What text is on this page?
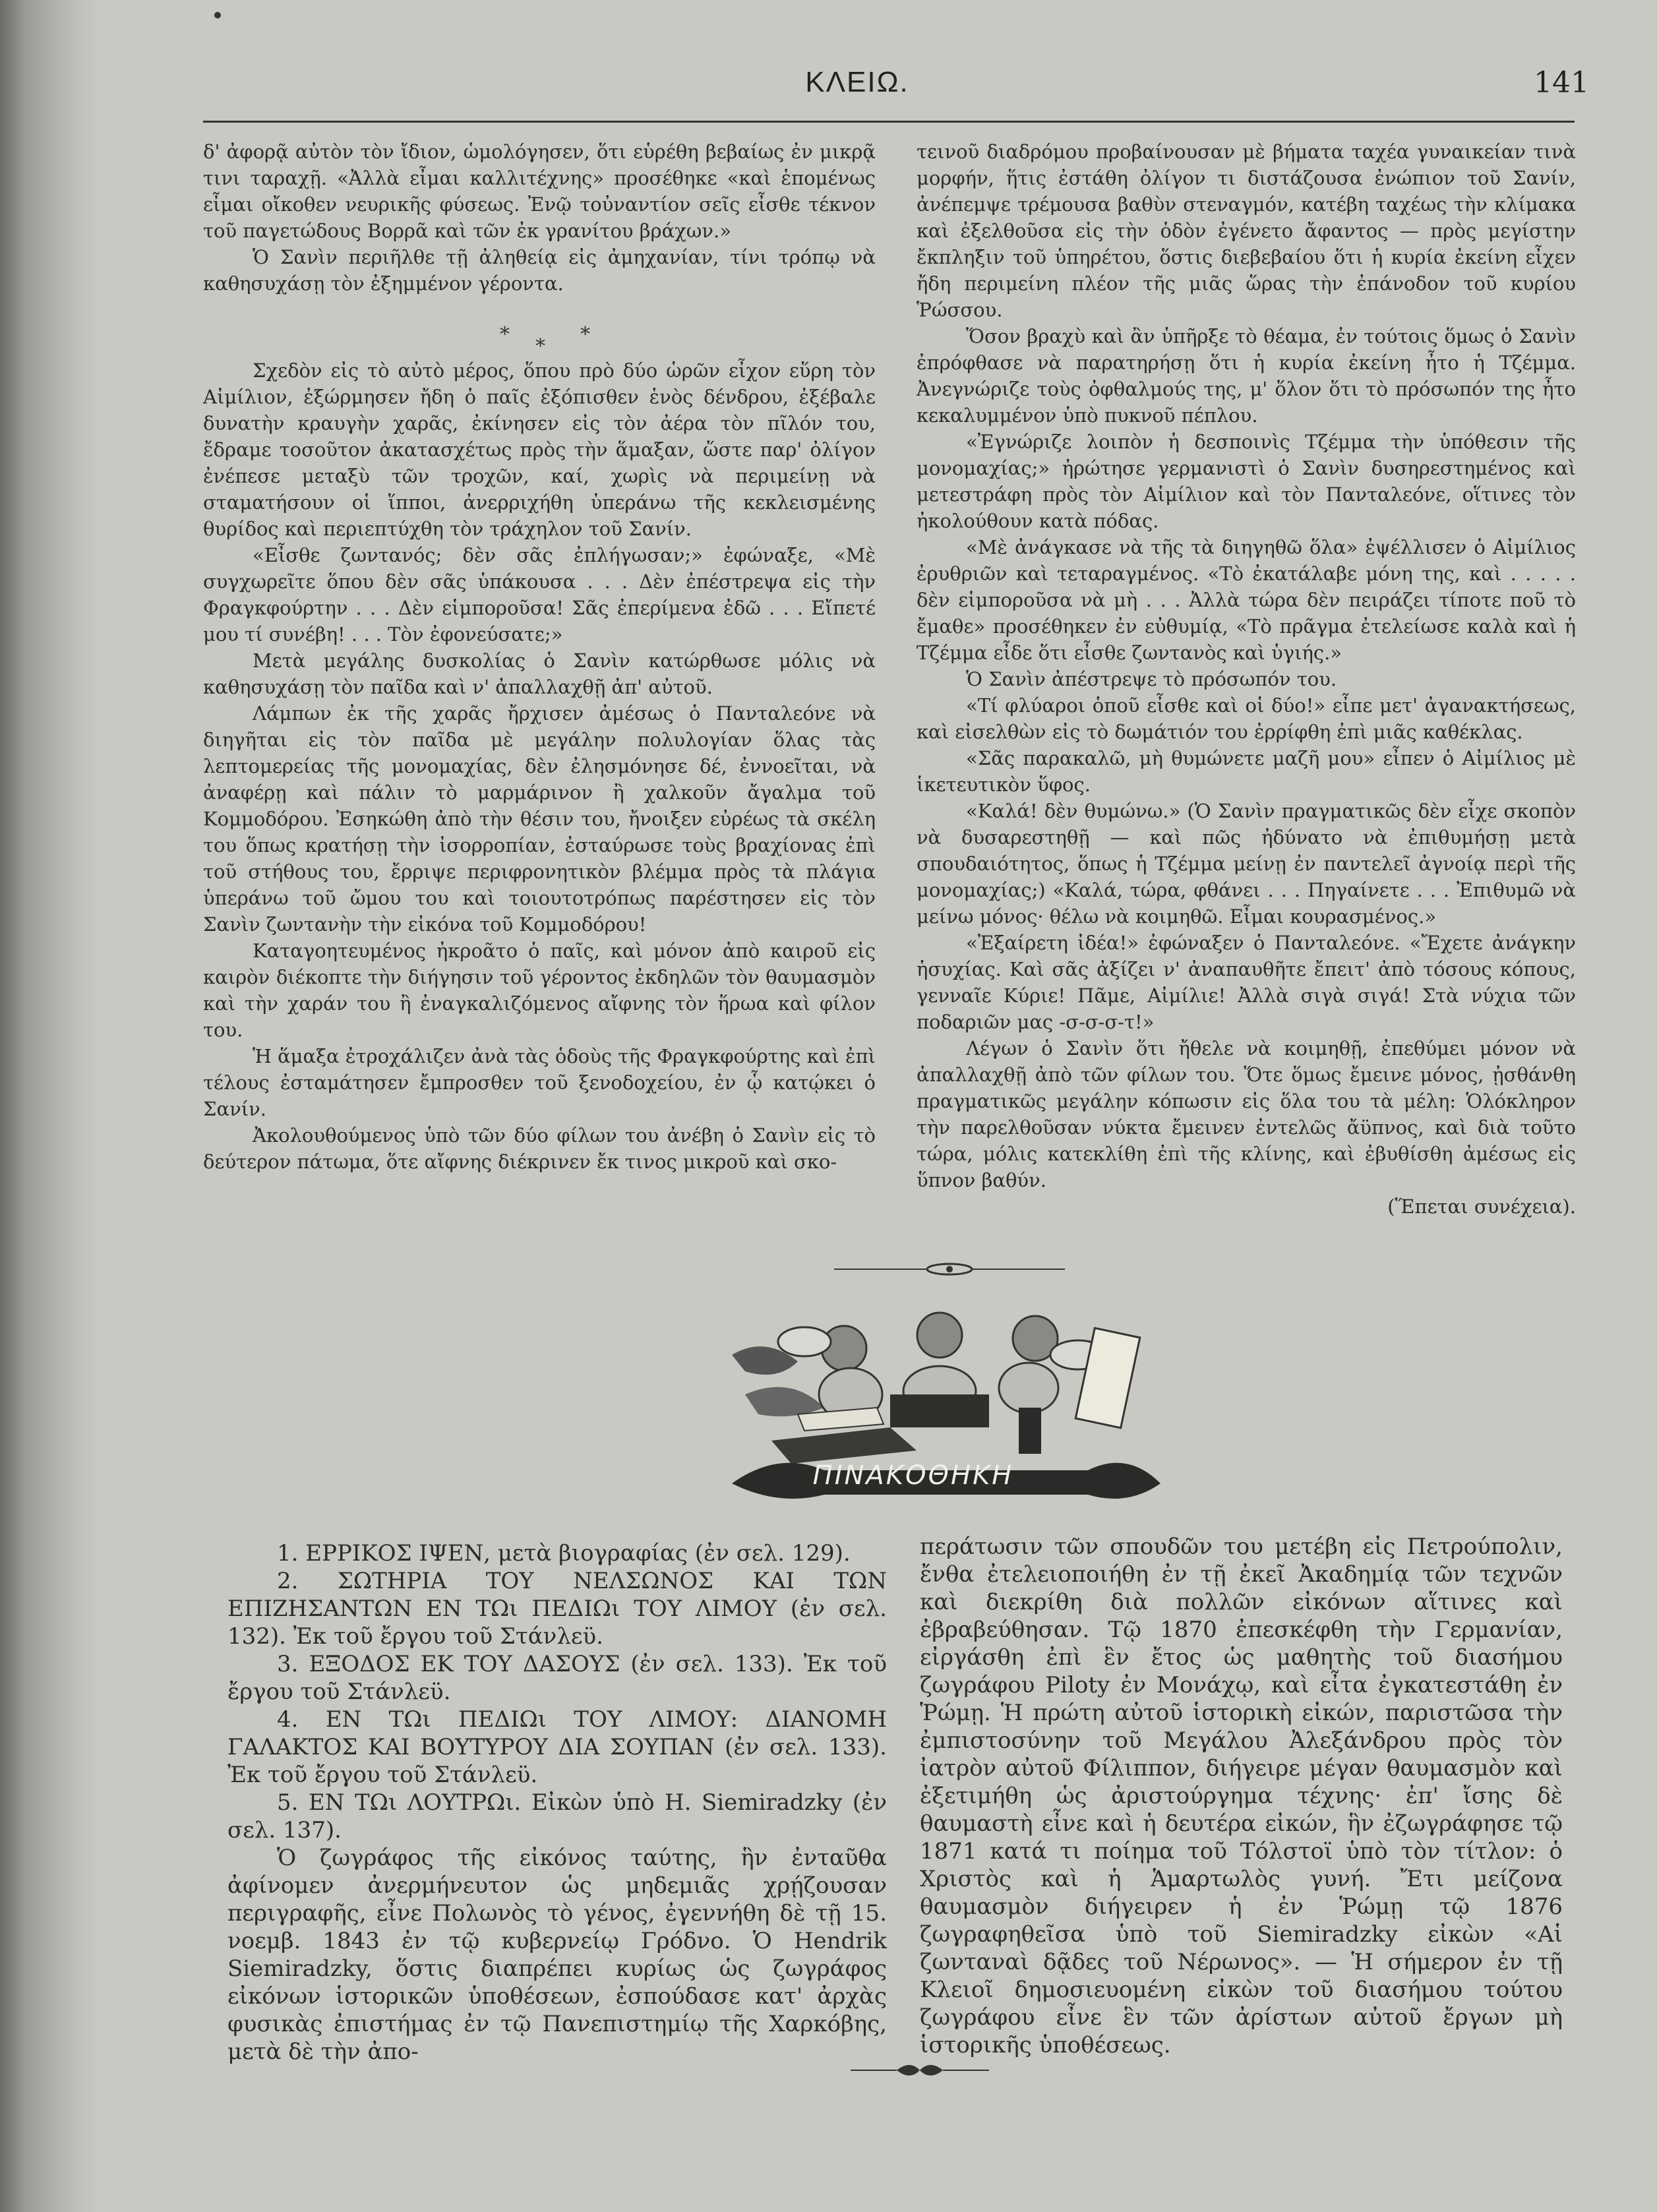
ΚΛΕΙΩ.	141

δ' ἀφορᾷ αὐτὸν τὸν ἴδιον, ὡμολόγησεν, ὅτι εὑρέθη βεβαίως ἐν μικρᾷ τινι ταραχῇ. «Ἀλλὰ εἶμαι καλλιτέχνης» προσέθηκε «καὶ ἑπομένως εἶμαι οἴκοθεν νευρικῆς φύσεως. Ἐνῷ τοὐναντίον σεῖς εἶσθε τέκνον τοῦ παγετώδους Βορρᾶ καὶ τῶν ἐκ γρανίτου βράχων.»

Ὁ Σανὶν περιῆλθε τῇ ἀληθείᾳ εἰς ἀμηχανίαν, τίνι τρόπῳ νὰ καθησυχάσῃ τὸν ἐξημμένον γέροντα.

Σχεδὸν εἰς τὸ αὐτὸ μέρος, ὅπου πρὸ δύο ὡρῶν εἶχον εὕρη τὸν Αἰμίλιον, ἐξώρμησεν ἤδη ὁ παῖς ἐξόπισθεν ἑνὸς δένδρου, ἐξέβαλε δυνατὴν κραυγὴν χαρᾶς, ἐκίνησεν εἰς τὸν ἀέρα τὸν πῖλόν του, ἔδραμε τοσοῦτον ἀκατασχέτως πρὸς τὴν ἅμαξαν, ὥστε παρ' ὀλίγον ἐνέπεσε μεταξὺ τῶν τροχῶν, καί, χωρὶς νὰ περιμείνῃ νὰ σταματήσουν οἱ ἵπποι, ἀνερριχήθη ὑπεράνω τῆς κεκλεισμένης θυρίδος καὶ περιεπτύχθη τὸν τράχηλον τοῦ Σανίν.

«Εἶσθε ζωντανός; δὲν σᾶς ἐπλήγωσαν;» ἐφώναξε, «Μὲ συγχωρεῖτε ὅπου δὲν σᾶς ὑπάκουσα . . . Δὲν ἐπέστρεψα εἰς τὴν Φραγκφούρτην . . . Δὲν εἱμποροῦσα! Σᾶς ἐπερίμενα ἐδῶ . . . Εἴπετέ μου τί συνέβη! . . . Τὸν ἐφονεύσατε;»

Μετὰ μεγάλης δυσκολίας ὁ Σανὶν κατώρθωσε μόλις νὰ καθησυχάσῃ τὸν παῖδα καὶ ν' ἀπαλλαχθῇ ἀπ' αὐτοῦ.

Λάμπων ἐκ τῆς χαρᾶς ἤρχισεν ἀμέσως ὁ Πανταλεόνε νὰ διηγῆται εἰς τὸν παῖδα μὲ μεγάλην πολυλογίαν ὅλας τὰς λεπτομερείας τῆς μονομαχίας, δὲν ἐλησμόνησε δέ, ἐννοεῖται, νὰ ἀναφέρῃ καὶ πάλιν τὸ μαρμάρινον ἢ χαλκοῦν ἄγαλμα τοῦ Κομμοδόρου. Ἐσηκώθη ἀπὸ τὴν θέσιν του, ἤνοιξεν εὐρέως τὰ σκέλη του ὅπως κρατήσῃ τὴν ἰσορροπίαν, ἐσταύρωσε τοὺς βραχίονας ἐπὶ τοῦ στήθους του, ἔρριψε περιφρονητικὸν βλέμμα πρὸς τὰ πλάγια ὑπεράνω τοῦ ὤμου του καὶ τοιουτοτρόπως παρέστησεν εἰς τὸν Σανὶν ζωντανὴν τὴν εἰκόνα τοῦ Κομμοδόρου!

Καταγοητευμένος ἠκροᾶτο ὁ παῖς, καὶ μόνον ἀπὸ καιροῦ εἰς καιρὸν διέκοπτε τὴν διήγησιν τοῦ γέροντος ἐκδηλῶν τὸν θαυμασμὸν καὶ τὴν χαράν του ἢ ἐναγκαλιζόμενος αἴφνης τὸν ἥρωα καὶ φίλον του.

Ἡ ἅμαξα ἐτροχάλιζεν ἀνὰ τὰς ὁδοὺς τῆς Φραγκφούρτης καὶ ἐπὶ τέλους ἐσταμάτησεν ἔμπροσθεν τοῦ ξενοδοχείου, ἐν ᾧ κατῴκει ὁ Σανίν.

Ἀκολουθούμενος ὑπὸ τῶν δύο φίλων του ἀνέβη ὁ Σανὶν εἰς τὸ δεύτερον πάτωμα, ὅτε αἴφνης διέκρινεν ἔκ τινος μικροῦ καὶ σκο-

*
*
*

τεινοῦ διαδρόμου προβαίνουσαν μὲ βήματα ταχέα γυναικείαν τινὰ μορφήν, ἥτις ἐστάθη ὀλίγον τι διστάζουσα ἐνώπιον τοῦ Σανίν, ἀνέπεμψε τρέμουσα βαθὺν στεναγμόν, κατέβη ταχέως τὴν κλίμακα καὶ ἐξελθοῦσα εἰς τὴν ὁδὸν ἐγένετο ἄφαντος — πρὸς μεγίστην ἔκπληξιν τοῦ ὑπηρέτου, ὅστις διεβεβαίου ὅτι ἡ κυρία ἐκείνη εἶχεν ἤδη περιμείνη πλέον τῆς μιᾶς ὥρας τὴν ἐπάνοδον τοῦ κυρίου Ῥώσσου.

Ὅσον βραχὺ καὶ ἂν ὑπῆρξε τὸ θέαμα, ἐν τούτοις ὅμως ὁ Σανὶν ἐπρόφθασε νὰ παρατηρήσῃ ὅτι ἡ κυρία ἐκείνη ἦτο ἡ Τζέμμα. Ἀνεγνώριζε τοὺς ὀφθαλμούς της, μ' ὅλον ὅτι τὸ πρόσωπόν της ἦτο κεκαλυμμένον ὑπὸ πυκνοῦ πέπλου.

«Ἐγνώριζε λοιπὸν ἡ δεσποινὶς Τζέμμα τὴν ὑπόθεσιν τῆς μονομαχίας;» ἠρώτησε γερμανιστὶ ὁ Σανὶν δυσηρεστημένος καὶ μετεστράφη πρὸς τὸν Αἰμίλιον καὶ τὸν Πανταλεόνε, οἵτινες τὸν ἠκολούθουν κατὰ πόδας.

«Μὲ ἀνάγκασε νὰ τῆς τὰ διηγηθῶ ὅλα» ἐψέλλισεν ὁ Αἰμίλιος ἐρυθριῶν καὶ τεταραγμένος. «Τὸ ἐκατάλαβε μόνη της, καὶ . . . . . δὲν εἱμποροῦσα νὰ μὴ . . . Ἀλλὰ τώρα δὲν πειράζει τίποτε ποῦ τὸ ἔμαθε» προσέθηκεν ἐν εὐθυμίᾳ, «Τὸ πρᾶγμα ἐτελείωσε καλὰ καὶ ἡ Τζέμμα εἶδε ὅτι εἶσθε ζωντανὸς καὶ ὑγιής.»

Ὁ Σανὶν ἀπέστρεψε τὸ πρόσωπόν του.

«Τί φλύαροι ὁποῦ εἶσθε καὶ οἱ δύο!» εἶπε μετ' ἀγανακτήσεως, καὶ εἰσελθὼν εἰς τὸ δωμάτιόν του ἐρρίφθη ἐπὶ μιᾶς καθέκλας.

«Σᾶς παρακαλῶ, μὴ θυμώνετε μαζῆ μου» εἶπεν ὁ Αἰμίλιος μὲ ἱκετευτικὸν ὕφος.

«Καλά! δὲν θυμώνω.» (Ὁ Σανὶν πραγματικῶς δὲν εἶχε σκοπὸν νὰ δυσαρεστηθῇ — καὶ πῶς ἠδύνατο νὰ ἐπιθυμήσῃ μετὰ σπουδαιότητος, ὅπως ἡ Τζέμμα μείνῃ ἐν παντελεῖ ἀγνοίᾳ περὶ τῆς μονομαχίας;) «Καλά, τώρα, φθάνει . . . Πηγαίνετε . . . Ἐπιθυμῶ νὰ μείνω μόνος· θέλω νὰ κοιμηθῶ. Εἶμαι κουρασμένος.»

«Ἐξαίρετη ἰδέα!» ἐφώναξεν ὁ Πανταλεόνε. «Ἔχετε ἀνάγκην ἡσυχίας. Καὶ σᾶς ἀξίζει ν' ἀναπαυθῆτε ἔπειτ' ἀπὸ τόσους κόπους, γενναῖε Κύριε! Πᾶμε, Αἰμίλιε! Ἀλλὰ σιγὰ σιγά! Στὰ νύχια τῶν ποδαριῶν μας -σ-σ-σ-τ!»

Λέγων ὁ Σανὶν ὅτι ἤθελε νὰ κοιμηθῇ, ἐπεθύμει μόνον νὰ ἀπαλλαχθῇ ἀπὸ τῶν φίλων του. Ὅτε ὅμως ἔμεινε μόνος, ᾐσθάνθη πραγματικῶς μεγάλην κόπωσιν εἰς ὅλα του τὰ μέλη: Ὁλόκληρον τὴν παρελθοῦσαν νύκτα ἔμεινεν ἐντελῶς ἄϋπνος, καὶ διὰ τοῦτο τώρα, μόλις κατεκλίθη ἐπὶ τῆς κλίνης, καὶ ἐβυθίσθη ἀμέσως εἰς ὕπνον βαθύν.

(Ἕπεται συνέχεια).

ΠΙΝΑΚΟΘΗΚΗ

1. ΕΡΡΙΚΟΣ ΙΨΕΝ, μετὰ βιογραφίας (ἐν σελ. 129).

2. ΣΩΤΗΡΙΑ ΤΟΥ ΝΕΛΣΩΝΟΣ ΚΑΙ ΤΩΝ ΕΠΙΖΗΣΑΝΤΩΝ ΕΝ ΤΩι ΠΕΔΙΩι ΤΟΥ ΛΙΜΟΥ (ἐν σελ. 132). Ἐκ τοῦ ἔργου τοῦ Στάνλεϋ.

3. ΕΞΟΔΟΣ ΕΚ ΤΟΥ ΔΑΣΟΥΣ (ἐν σελ. 133). Ἐκ τοῦ ἔργου τοῦ Στάνλεϋ.

4. ΕΝ ΤΩι ΠΕΔΙΩι ΤΟΥ ΛΙΜΟΥ: ΔΙΑΝΟΜΗ ΓΑΛΑΚΤΟΣ ΚΑΙ ΒΟΥΤΥΡΟΥ ΔΙΑ ΣΟΥΠΑΝ (ἐν σελ. 133). Ἐκ τοῦ ἔργου τοῦ Στάνλεϋ.

5. ΕΝ ΤΩι ΛΟΥΤΡΩι. Εἰκὼν ὑπὸ Η. Siemiradzky (ἐν σελ. 137).

Ὁ ζωγράφος τῆς εἰκόνος ταύτης, ἣν ἐνταῦθα ἀφίνομεν ἀνερμήνευτον ὡς μηδεμιᾶς χρῄζουσαν περιγραφῆς, εἶνε Πολωνὸς τὸ γένος, ἐγεννήθη δὲ τῇ 15. νοεμβ. 1843 ἐν τῷ κυβερνείῳ Γρόδνο. Ὁ Hendrik Siemiradzky, ὅστις διαπρέπει κυρίως ὡς ζωγράφος εἰκόνων ἱστορικῶν ὑποθέσεων, ἐσπούδασε κατ' ἀρχὰς φυσικὰς ἐπιστήμας ἐν τῷ Πανεπιστημίῳ τῆς Χαρκόβης, μετὰ δὲ τὴν ἀπο-

περάτωσιν τῶν σπουδῶν του μετέβη εἰς Πετρούπολιν, ἔνθα ἐτελειοποιήθη ἐν τῇ ἐκεῖ Ἀκαδημίᾳ τῶν τεχνῶν καὶ διεκρίθη διὰ πολλῶν εἰκόνων αἵτινες καὶ ἐβραβεύθησαν. Τῷ 1870 ἐπεσκέφθη τὴν Γερμανίαν, εἰργάσθη ἐπὶ ἓν ἔτος ὡς μαθητὴς τοῦ διασήμου ζωγράφου Piloty ἐν Μονάχῳ, καὶ εἶτα ἐγκατεστάθη ἐν Ῥώμῃ. Ἡ πρώτη αὐτοῦ ἱστορικὴ εἰκών, παριστῶσα τὴν ἐμπιστοσύνην τοῦ Μεγάλου Ἀλεξάνδρου πρὸς τὸν ἰατρὸν αὐτοῦ Φίλιππον, διήγειρε μέγαν θαυμασμὸν καὶ ἐξετιμήθη ὡς ἀριστούργημα τέχνης· ἐπ' ἴσης δὲ θαυμαστὴ εἶνε καὶ ἡ δευτέρα εἰκών, ἣν ἐζωγράφησε τῷ 1871 κατά τι ποίημα τοῦ Τόλστοϊ ὑπὸ τὸν τίτλον: ὁ Χριστὸς καὶ ἡ Ἁμαρτωλὸς γυνή. Ἔτι μείζονα θαυμασμὸν διήγειρεν ἡ ἐν Ῥώμῃ τῷ 1876 ζωγραφηθεῖσα ὑπὸ τοῦ Siemiradzky εἰκὼν «Αἱ ζωνταναὶ δᾷδες τοῦ Νέρωνος». — Ἡ σήμερον ἐν τῇ Κλειοῖ δημοσιευομένη εἰκὼν τοῦ διασήμου τούτου ζωγράφου εἶνε ἓν τῶν ἀρίστων αὐτοῦ ἔργων μὴ ἱστορικῆς ὑποθέσεως.
